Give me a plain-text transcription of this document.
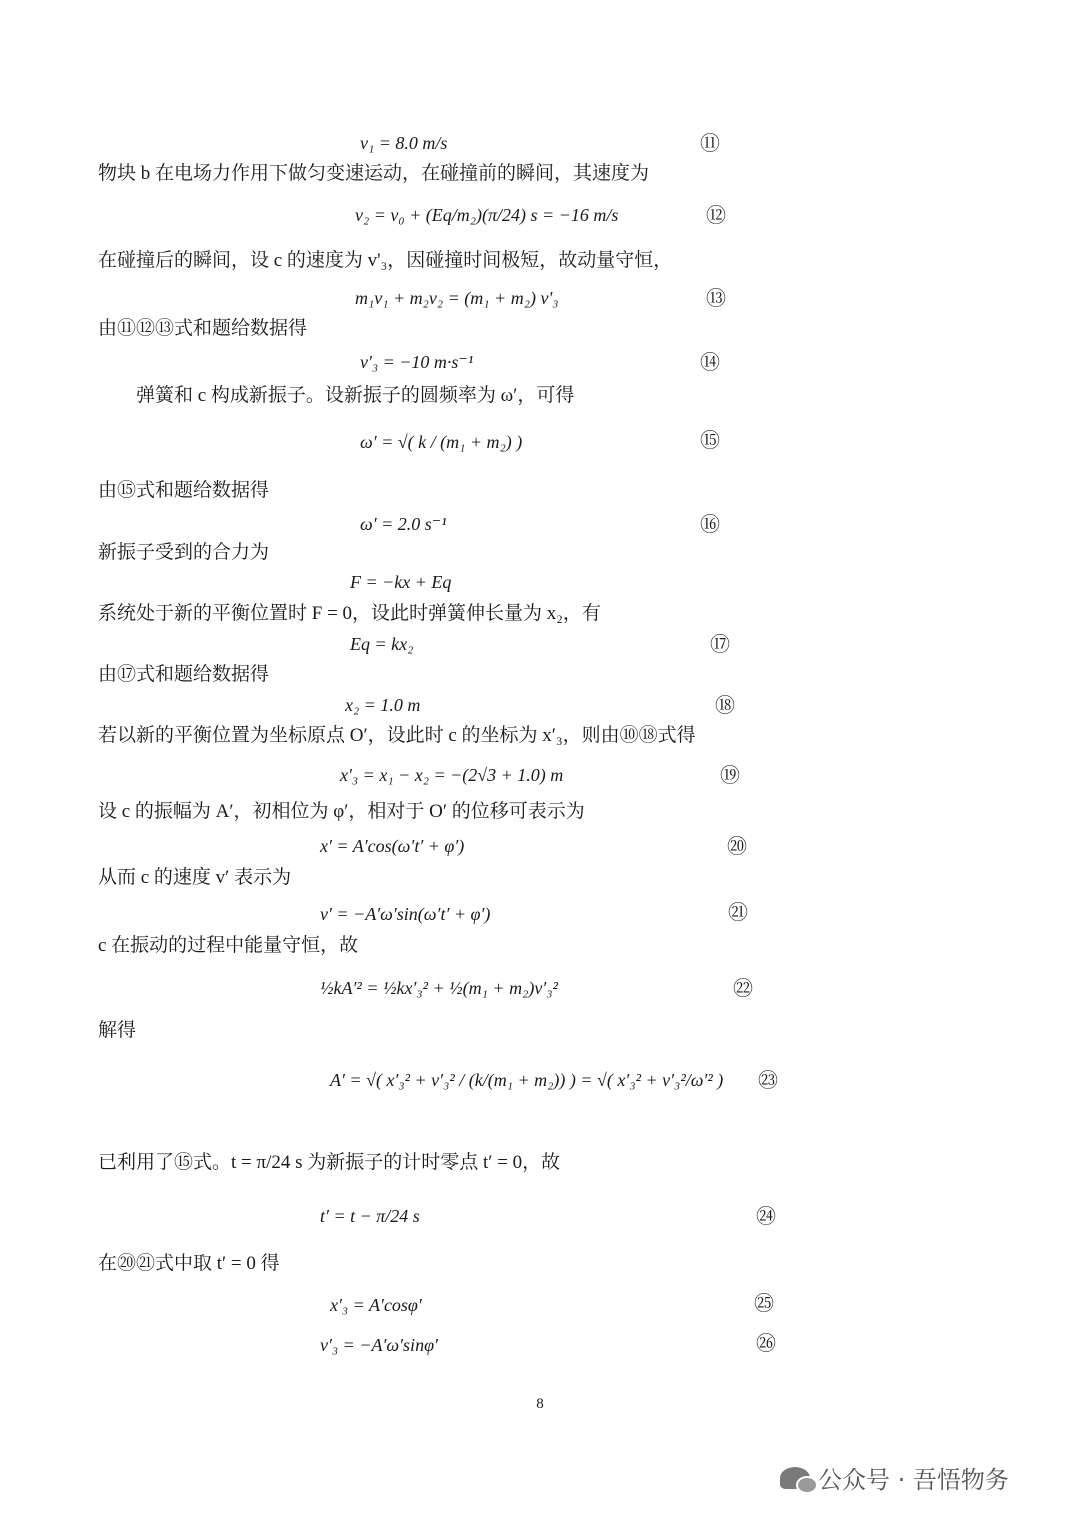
物块 b 在电场力作用下做匀变速运动，在碰撞前的瞬间，其速度为
在碰撞后的瞬间，设 c 的速度为 v'₃，因碰撞时间极短，故动量守恒，
由⑪⑫⑬式和题给数据得
弹簧和 c 构成新振子。设新振子的圆频率为 ω′，可得
由⑮式和题给数据得
新振子受到的合力为
系统处于新的平衡位置时 F = 0，设此时弹簧伸长量为 x₂，有
由⑰式和题给数据得
若以新的平衡位置为坐标原点 O′，设此时 c 的坐标为 x′₃，则由⑩⑱式得
设 c 的振幅为 A′，初相位为 φ′，相对于 O′ 的位移可表示为
从而 c 的速度 v′ 表示为
c 在振动的过程中能量守恒，故
解得
已利用了⑮式。t = π/24 s 为新振子的计时零点 t′ = 0，故
在⑳㉑式中取 t′ = 0 得
v₁ = 8.0 m/s	⑪
v₂ = v₀ + (Eq/m₂)(π/24) s = −16 m/s	⑫
m₁v₁ + m₂v₂ = (m₁ + m₂) v'₃	⑬
v'₃ = −10 m·s⁻¹	⑭
ω′ = √( k / (m₁ + m₂) )	⑮
ω′ = 2.0 s⁻¹	⑯
F = −kx + Eq
Eq = kx₂	⑰
x₂ = 1.0 m	⑱
x′₃ = x₁ − x₂ = −(2√3 + 1.0) m	⑲
x′ = A′cos(ω′t′ + φ′)	⑳
v′ = −A′ω′sin(ω′t′ + φ′)	㉑
½kA′² = ½kx′₃² + ½(m₁ + m₂)v′₃²	㉒
A′ = √( x′₃² + v′₃² / (k/(m₁ + m₂)) ) = √( x′₃² + v′₃²/ω′² ) ㉓
t′ = t − π/24 s	㉔
x′₃ = A′cosφ′	㉕
v′₃ = −A′ω′sinφ′	㉖
8
公众号 · 吾悟物务
